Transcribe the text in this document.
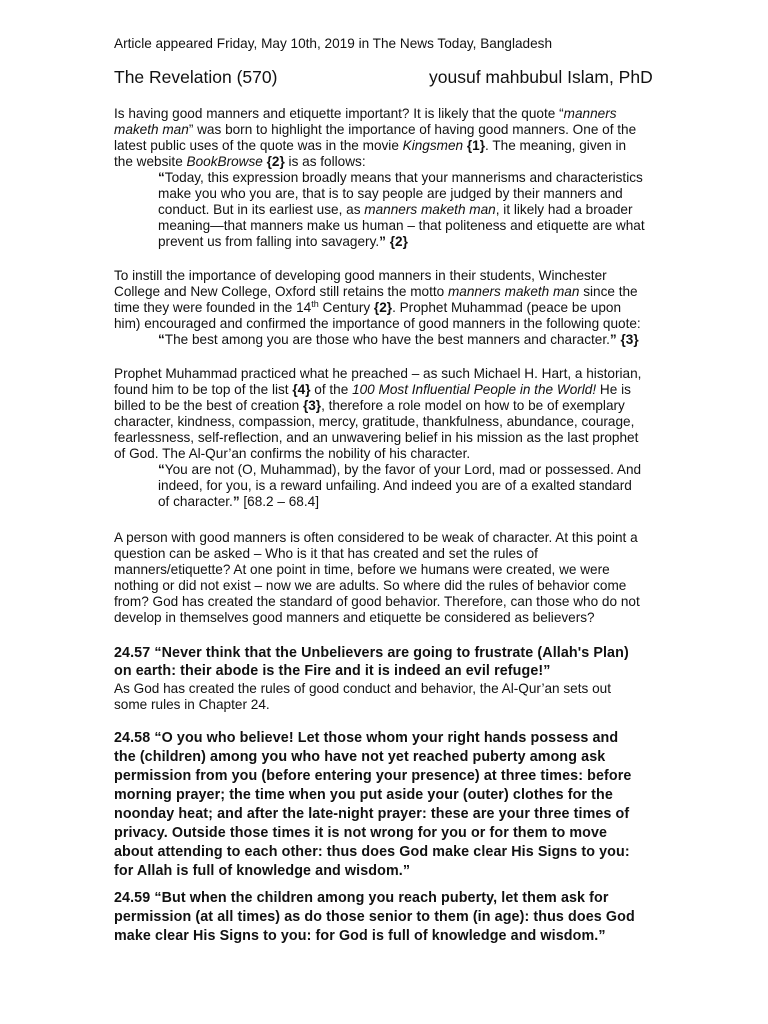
Article appeared Friday, May 10th, 2019 in The News Today, Bangladesh
The Revelation (570)	yousuf mahbubul Islam, PhD
Is having good manners and etiquette important? It is likely that the quote “manners
maketh man” was born to highlight the importance of having good manners. One of the
latest public uses of the quote was in the movie Kingsmen {1}. The meaning, given in
the website BookBrowse {2} is as follows:
“Today, this expression broadly means that your mannerisms and characteristics
make you who you are, that is to say people are judged by their manners and
conduct. But in its earliest use, as manners maketh man, it likely had a broader
meaning—that manners make us human – that politeness and etiquette are what
prevent us from falling into savagery.” {2}
To instill the importance of developing good manners in their students, Winchester
College and New College, Oxford still retains the motto manners maketh man since the
time they were founded in the 14th Century {2}. Prophet Muhammad (peace be upon
him) encouraged and confirmed the importance of good manners in the following quote:
“The best among you are those who have the best manners and character.” {3}
Prophet Muhammad practiced what he preached – as such Michael H. Hart, a historian,
found him to be top of the list {4} of the 100 Most Influential People in the World! He is
billed to be the best of creation {3}, therefore a role model on how to be of exemplary
character, kindness, compassion, mercy, gratitude, thankfulness, abundance, courage,
fearlessness, self-reflection, and an unwavering belief in his mission as the last prophet
of God. The Al-Qur’an confirms the nobility of his character.
“You are not (O, Muhammad), by the favor of your Lord, mad or possessed. And
indeed, for you, is a reward unfailing. And indeed you are of a exalted standard
of character.” [68.2 – 68.4]
A person with good manners is often considered to be weak of character. At this point a
question can be asked – Who is it that has created and set the rules of
manners/etiquette? At one point in time, before we humans were created, we were
nothing or did not exist – now we are adults. So where did the rules of behavior come
from? God has created the standard of good behavior. Therefore, can those who do not
develop in themselves good manners and etiquette be considered as believers?
24.57 “Never think that the Unbelievers are going to frustrate (Allah's Plan)
on earth: their abode is the Fire and it is indeed an evil refuge!”
As God has created the rules of good conduct and behavior, the Al-Qur’an sets out
some rules in Chapter 24.
24.58 “O you who believe! Let those whom your right hands possess and
the (children) among you who have not yet reached puberty among ask
permission from you (before entering your presence) at three times: before
morning prayer; the time when you put aside your (outer) clothes for the
noonday heat; and after the late-night prayer: these are your three times of
privacy. Outside those times it is not wrong for you or for them to move
about attending to each other: thus does God make clear His Signs to you:
for Allah is full of knowledge and wisdom.”
24.59 “But when the children among you reach puberty, let them ask for
permission (at all times) as do those senior to them (in age): thus does God
make clear His Signs to you: for God is full of knowledge and wisdom.”
